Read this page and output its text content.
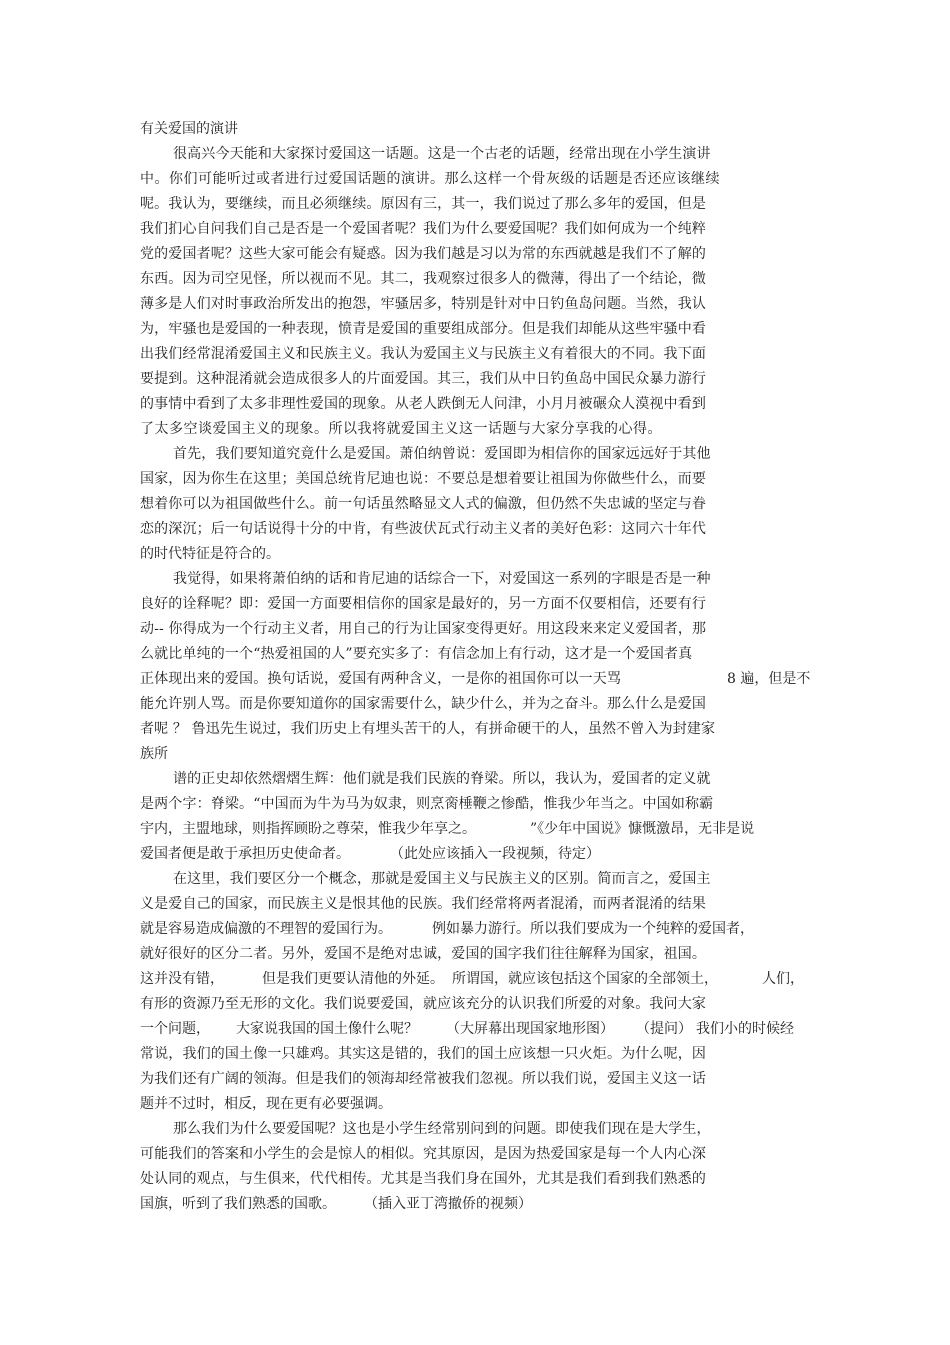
有关爱国的演讲
很高兴今天能和大家探讨爱国这一话题。这是一个古老的话题，经常出现在小学生演讲
中。你们可能听过或者进行过爱国话题的演讲。那么这样一个骨灰级的话题是否还应该继续
呢。我认为，要继续，而且必须继续。原因有三，其一，我们说过了那么多年的爱国，但是
我们扪心自问我们自己是否是一个爱国者呢？我们为什么要爱国呢？我们如何成为一个纯粹
党的爱国者呢？这些大家可能会有疑惑。因为我们越是习以为常的东西就越是我们不了解的
东西。因为司空见怪，所以视而不见。其二，我观察过很多人的微薄，得出了一个结论，微
薄多是人们对时事政治所发出的抱怨，牢骚居多，特别是针对中日钓鱼岛问题。当然，我认
为，牢骚也是爱国的一种表现，愤青是爱国的重要组成部分。但是我们却能从这些牢骚中看
出我们经常混淆爱国主义和民族主义。我认为爱国主义与民族主义有着很大的不同。我下面
要提到。这种混淆就会造成很多人的片面爱国。其三，我们从中日钓鱼岛中国民众暴力游行
的事情中看到了太多非理性爱国的现象。从老人跌倒无人问津，小月月被碾众人漠视中看到
了太多空谈爱国主义的现象。所以我将就爱国主义这一话题与大家分享我的心得。
首先，我们要知道究竟什么是爱国。萧伯纳曾说：爱国即为相信你的国家远远好于其他
国家，因为你生在这里；美国总统肯尼迪也说：不要总是想着要让祖国为你做些什么，而要
想着你可以为祖国做些什么。前一句话虽然略显文人式的偏激，但仍然不失忠诚的坚定与眷
恋的深沉；后一句话说得十分的中肯，有些波伏瓦式行动主义者的美好色彩：这同六十年代
的时代特征是符合的。
我觉得，如果将萧伯纳的话和肯尼迪的话综合一下，对爱国这一系列的字眼是否是一种
良好的诠释呢？即：爱国一方面要相信你的国家是最好的，另一方面不仅要相信，还要有行
动-- 你得成为一个行动主义者，用自己的行为让国家变得更好。用这段来来定义爱国者，那
么就比单纯的一个“热爱祖国的人”要充实多了：有信念加上有行动，这才是一个爱国者真
正体现出来的爱国。换句话说，爱国有两种含义，一是你的祖国你可以一天骂	8 遍，但是不
能允许别人骂。而是你要知道你的国家需要什么，缺少什么，并为之奋斗。那么什么是爱国
者呢 ？ 鲁迅先生说过，我们历史上有埋头苦干的人，有拼命硬干的人，虽然不曾入为封建家
族所
谱的正史却依然熠熠生辉：他们就是我们民族的脊梁。所以，我认为，爱国者的定义就
是两个字：脊梁。“中国而为牛为马为奴隶，则烹脔棰鞭之惨酷，惟我少年当之。中国如称霸
宇内，主盟地球，则指挥顾盼之尊荣，惟我少年享之。	”《少年中国说》慷慨激昂，无非是说
爱国者便是敢于承担历史使命者。	（此处应该插入一段视频，待定）
在这里，我们要区分一个概念，那就是爱国主义与民族主义的区别。简而言之，爱国主
义是爱自己的国家，而民族主义是恨其他的民族。我们经常将两者混淆，而两者混淆的结果
就是容易造成偏激的不理智的爱国行为。	例如暴力游行。所以我们要成为一个纯粹的爱国者，
就好很好的区分二者。另外，爱国不是绝对忠诚，爱国的国字我们往往解释为国家，祖国。
这并没有错，	但是我们更要认清他的外延。 所谓国，就应该包括这个国家的全部领土，	人们，
有形的资源乃至无形的文化。我们说要爱国，就应该充分的认识我们所爱的对象。我问大家
一个问题， 大家说我国的国土像什么呢？ （大屏幕出现国家地形图） （提问） 我们小的时候经
常说，我们的国土像一只雄鸡。其实这是错的，我们的国土应该想一只火炬。为什么呢，因
为我们还有广阔的领海。但是我们的领海却经常被我们忽视。所以我们说，爱国主义这一话
题并不过时，相反，现在更有必要强调。
那么我们为什么要爱国呢？这也是小学生经常别问到的问题。即使我们现在是大学生，
可能我们的答案和小学生的会是惊人的相似。究其原因，是因为热爱国家是每一个人内心深
处认同的观点，与生俱来，代代相传。尤其是当我们身在国外，尤其是我们看到我们熟悉的
国旗，听到了我们熟悉的国歌。 （插入亚丁湾撤侨的视频）
